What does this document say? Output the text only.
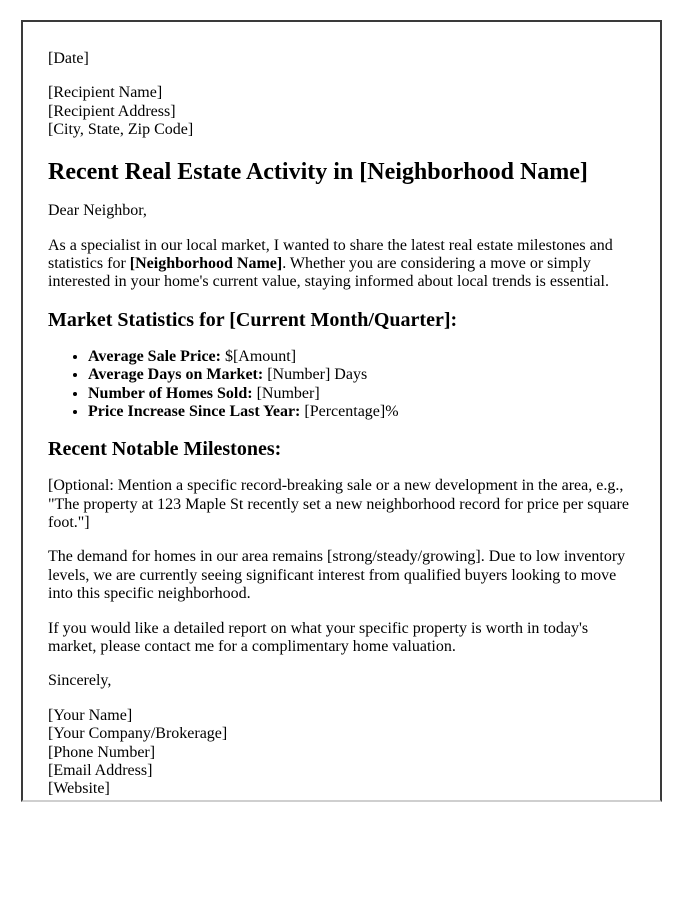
[Date]

[Recipient Name]
[Recipient Address]
[City, State, Zip Code]

Recent Real Estate Activity in [Neighborhood Name]

Dear Neighbor,

As a specialist in our local market, I wanted to share the latest real estate milestones and statistics for [Neighborhood Name]. Whether you are considering a move or simply interested in your home's current value, staying informed about local trends is essential.

Market Statistics for [Current Month/Quarter]:
• Average Sale Price: $[Amount]
• Average Days on Market: [Number] Days
• Number of Homes Sold: [Number]
• Price Increase Since Last Year: [Percentage]%
Recent Notable Milestones:

[Optional: Mention a specific record-breaking sale or a new development in the area, e.g., "The property at 123 Maple St recently set a new neighborhood record for price per square foot."]

The demand for homes in our area remains [strong/steady/growing]. Due to low inventory levels, we are currently seeing significant interest from qualified buyers looking to move into this specific neighborhood.

If you would like a detailed report on what your specific property is worth in today's market, please contact me for a complimentary home valuation.

Sincerely,

[Your Name]
[Your Company/Brokerage]
[Phone Number]
[Email Address]
[Website]
